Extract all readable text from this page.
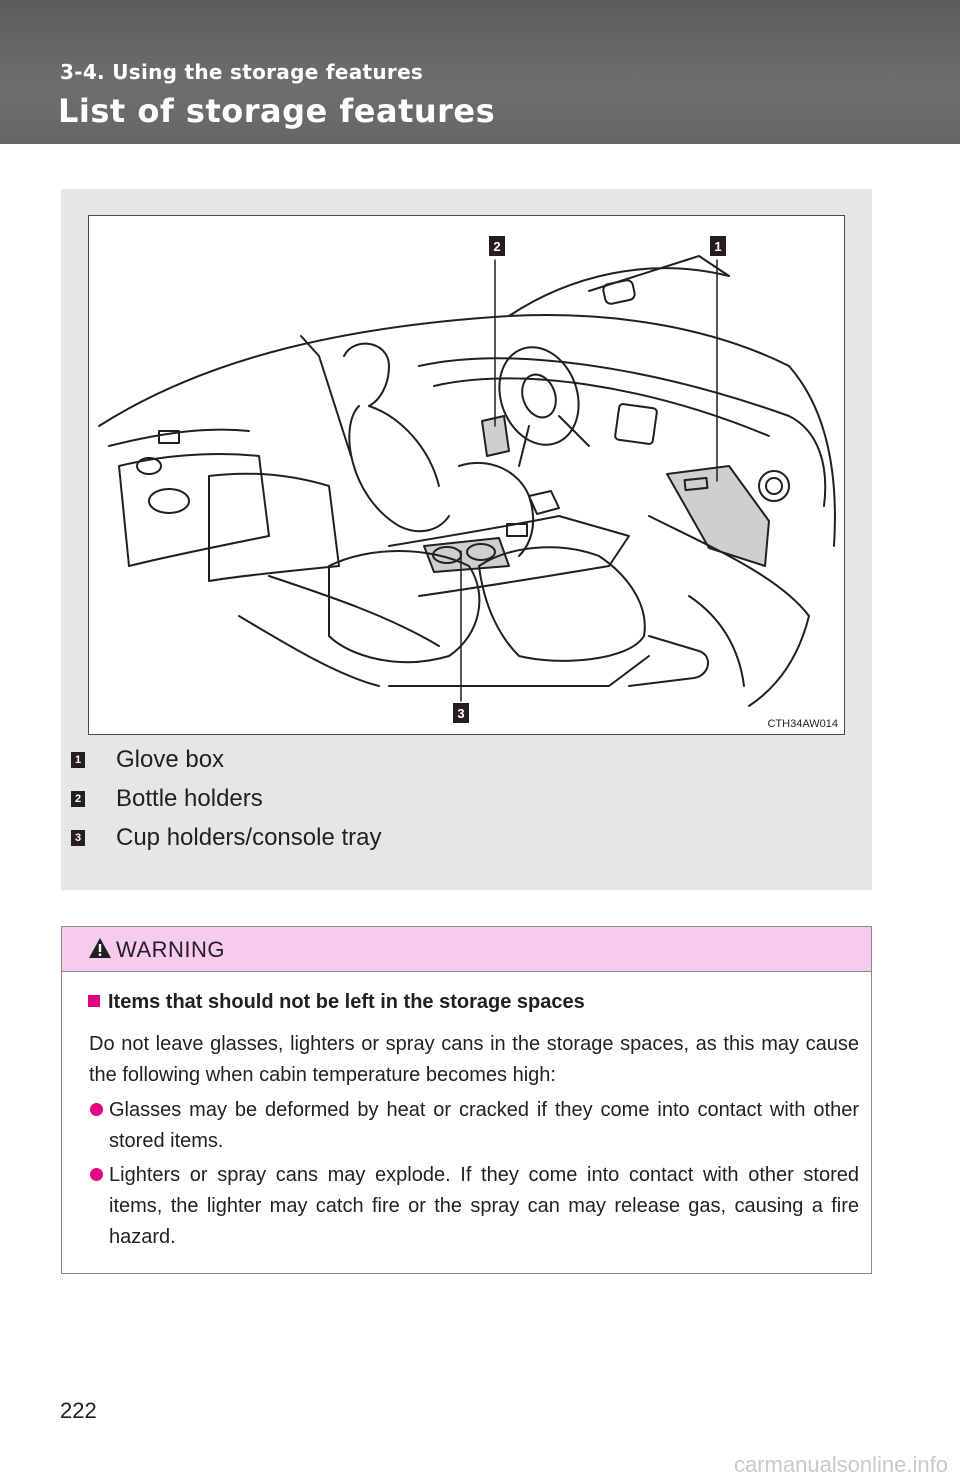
3-4. Using the storage features
List of storage features
2	1
3
CTH34AW014
1 Glove box
2 Bottle holders
3 Cup holders/console tray
WARNING
Items that should not be left in the storage spaces
Do not leave glasses, lighters or spray cans in the storage spaces, as this may cause the following when cabin temperature becomes high:
Glasses may be deformed by heat or cracked if they come into contact with other stored items.
Lighters or spray cans may explode. If they come into contact with other stored items, the lighter may catch fire or the spray can may release gas, causing a fire hazard.
222
carmanualsonline.info
